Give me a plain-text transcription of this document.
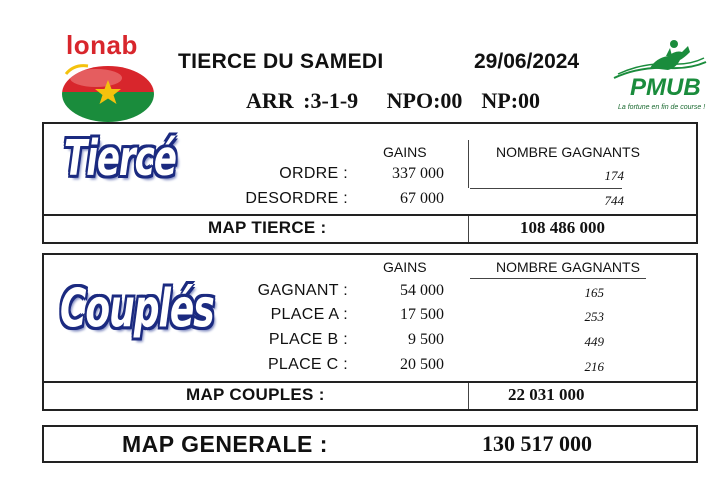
lonab
TIERCE DU SAMEDI	29/06/2024
ARR :3-1-9   NPO:00  NP:00	PMUB
La fortune en fin de course !
Tiercé	GAINS	NOMBRE GAGNANTS
ORDRE :	337 000	174
DESORDRE :	67 000	744
MAP TIERCE :	108 486 000
Couplés
GAINS	NOMBRE GAGNANTS
GAGNANT :	54 000	165
PLACE A :	17 500	253
PLACE B :	9 500	449
PLACE C :	20 500	216
MAP COUPLES :	22 031 000
MAP GENERALE :	130 517 000
